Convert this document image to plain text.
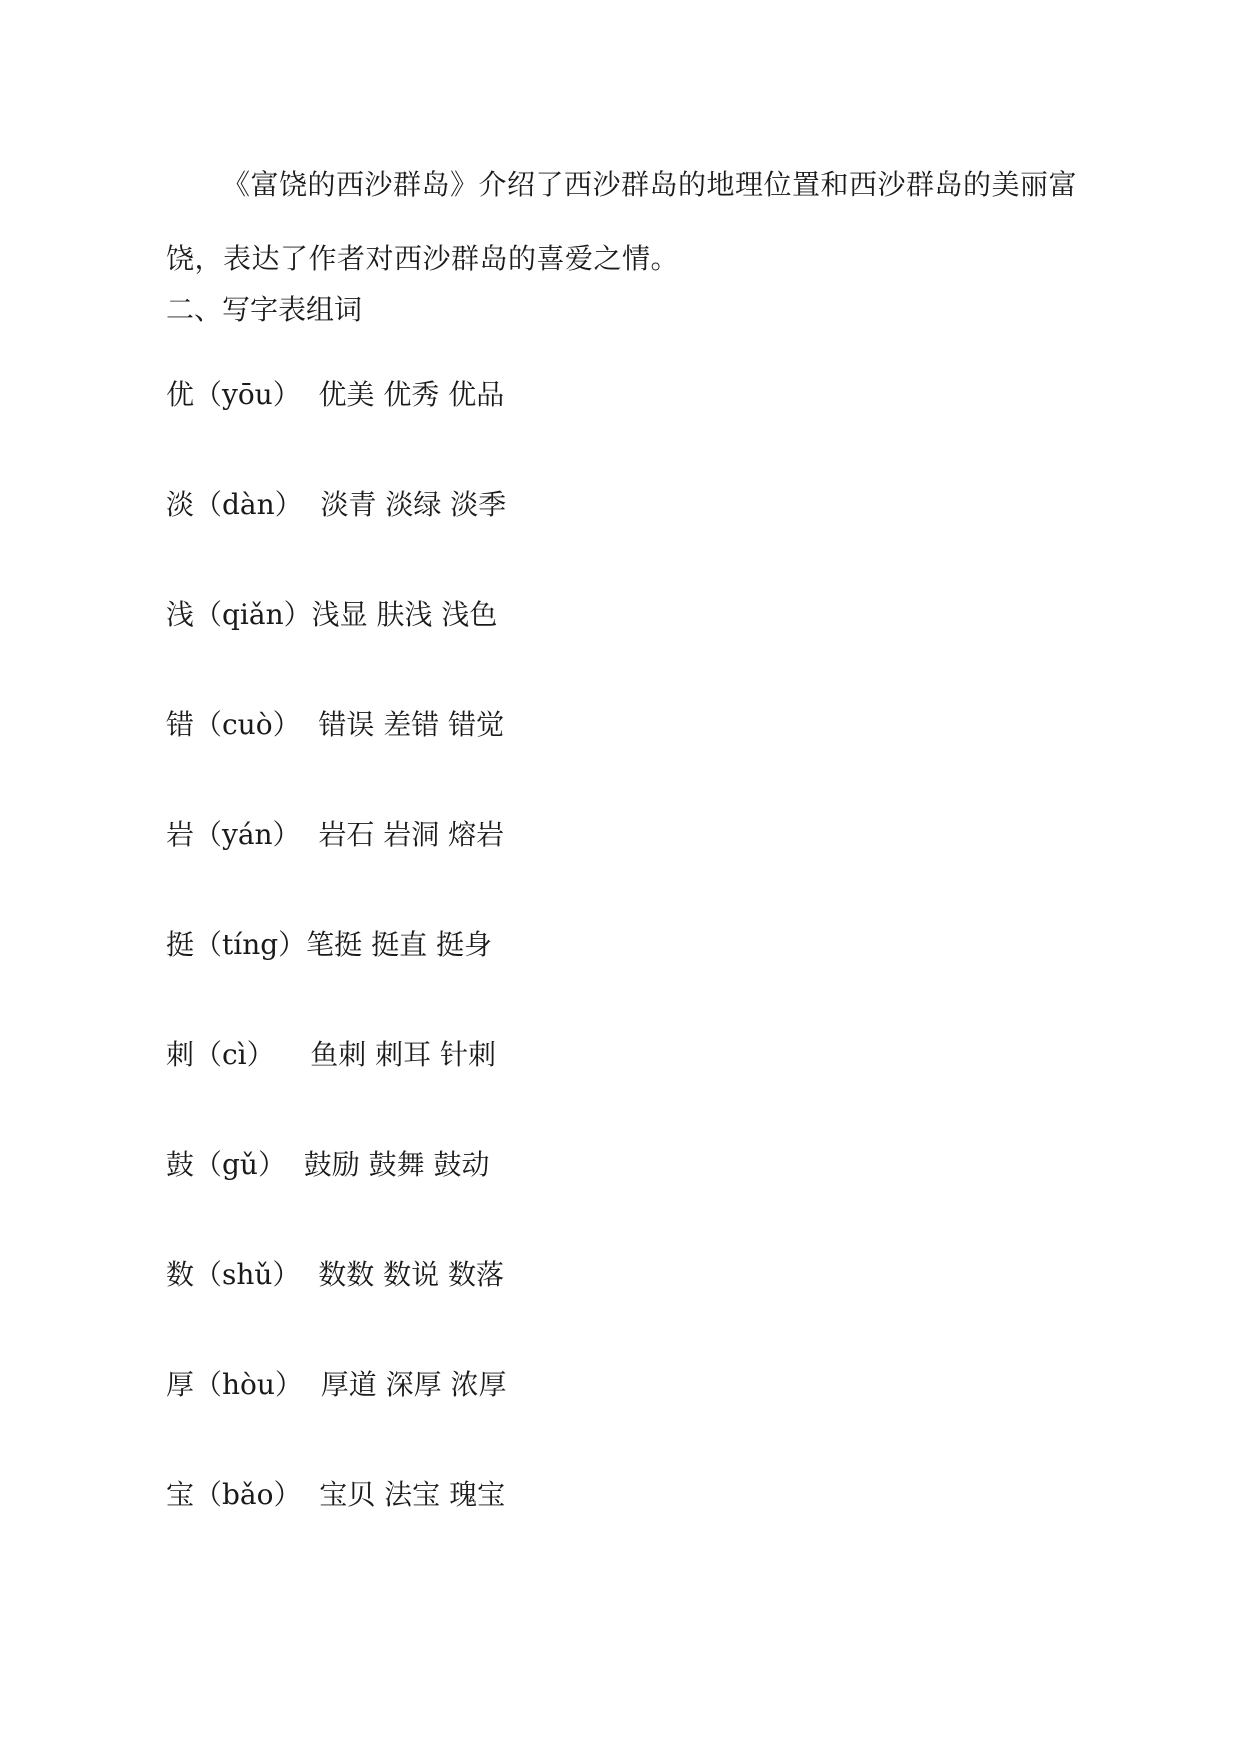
《富饶的西沙群岛》介绍了西沙群岛的地理位置和西沙群岛的美丽富饶，表达了作者对西沙群岛的喜爱之情。

二、写字表组词

优（yōu）  优美 优秀 优品
淡（dàn）  淡青 淡绿 淡季
浅（qiǎn）浅显 肤浅 浅色
错（cuò）  错误 差错 错觉
岩（yán）  岩石 岩洞 熔岩
挺（tíng）笔挺 挺直 挺身
刺（cì）    鱼刺 刺耳 针刺
鼓（gǔ）  鼓励 鼓舞 鼓动
数（shǔ）  数数 数说 数落
厚（hòu）  厚道 深厚 浓厚
宝（bǎo）  宝贝 法宝 瑰宝
